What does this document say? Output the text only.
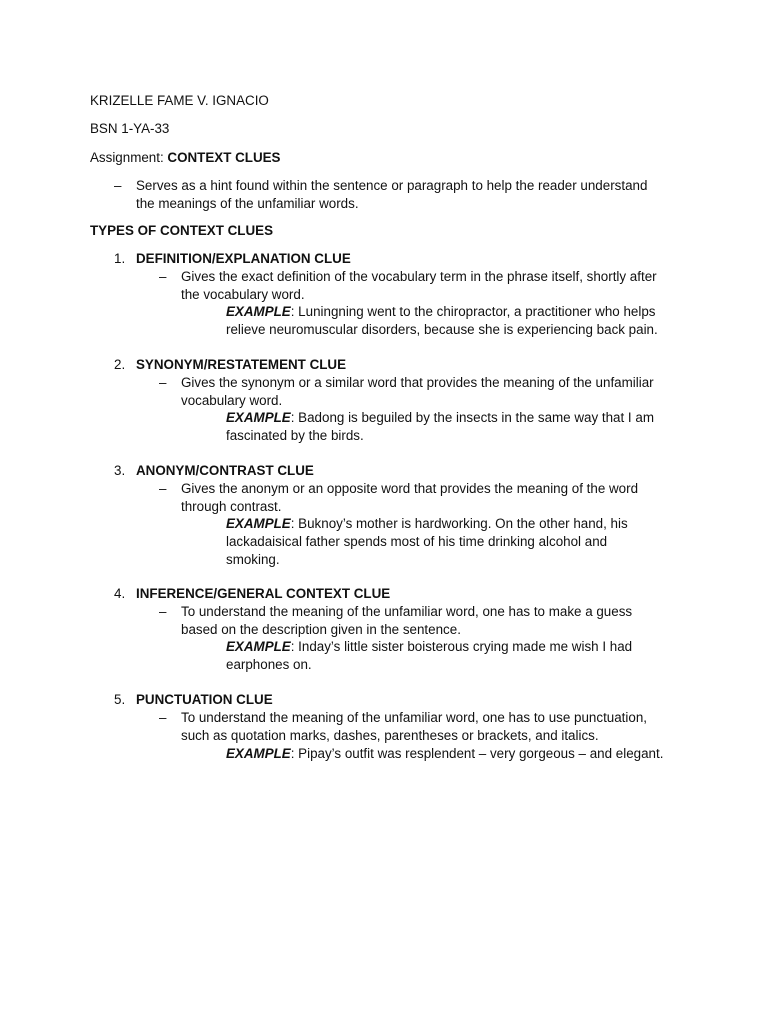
KRIZELLE FAME V. IGNACIO
BSN 1-YA-33
Assignment: CONTEXT CLUES
– Serves as a hint found within the sentence or paragraph to help the reader understand
the meanings of the unfamiliar words.
TYPES OF CONTEXT CLUES
1. DEFINITION/EXPLANATION CLUE
– Gives the exact definition of the vocabulary term in the phrase itself, shortly after
the vocabulary word.
EXAMPLE: Luningning went to the chiropractor, a practitioner who helps
relieve neuromuscular disorders, because she is experiencing back pain.
2. SYNONYM/RESTATEMENT CLUE
– Gives the synonym or a similar word that provides the meaning of the unfamiliar
vocabulary word.
EXAMPLE: Badong is beguiled by the insects in the same way that I am
fascinated by the birds.
3. ANONYM/CONTRAST CLUE
– Gives the anonym or an opposite word that provides the meaning of the word
through contrast.
EXAMPLE: Buknoy’s mother is hardworking. On the other hand, his
lackadaisical father spends most of his time drinking alcohol and
smoking.
4. INFERENCE/GENERAL CONTEXT CLUE
– To understand the meaning of the unfamiliar word, one has to make a guess
based on the description given in the sentence.
EXAMPLE: Inday’s little sister boisterous crying made me wish I had
earphones on.
5. PUNCTUATION CLUE
– To understand the meaning of the unfamiliar word, one has to use punctuation,
such as quotation marks, dashes, parentheses or brackets, and italics.
EXAMPLE: Pipay’s outfit was resplendent – very gorgeous – and elegant.
